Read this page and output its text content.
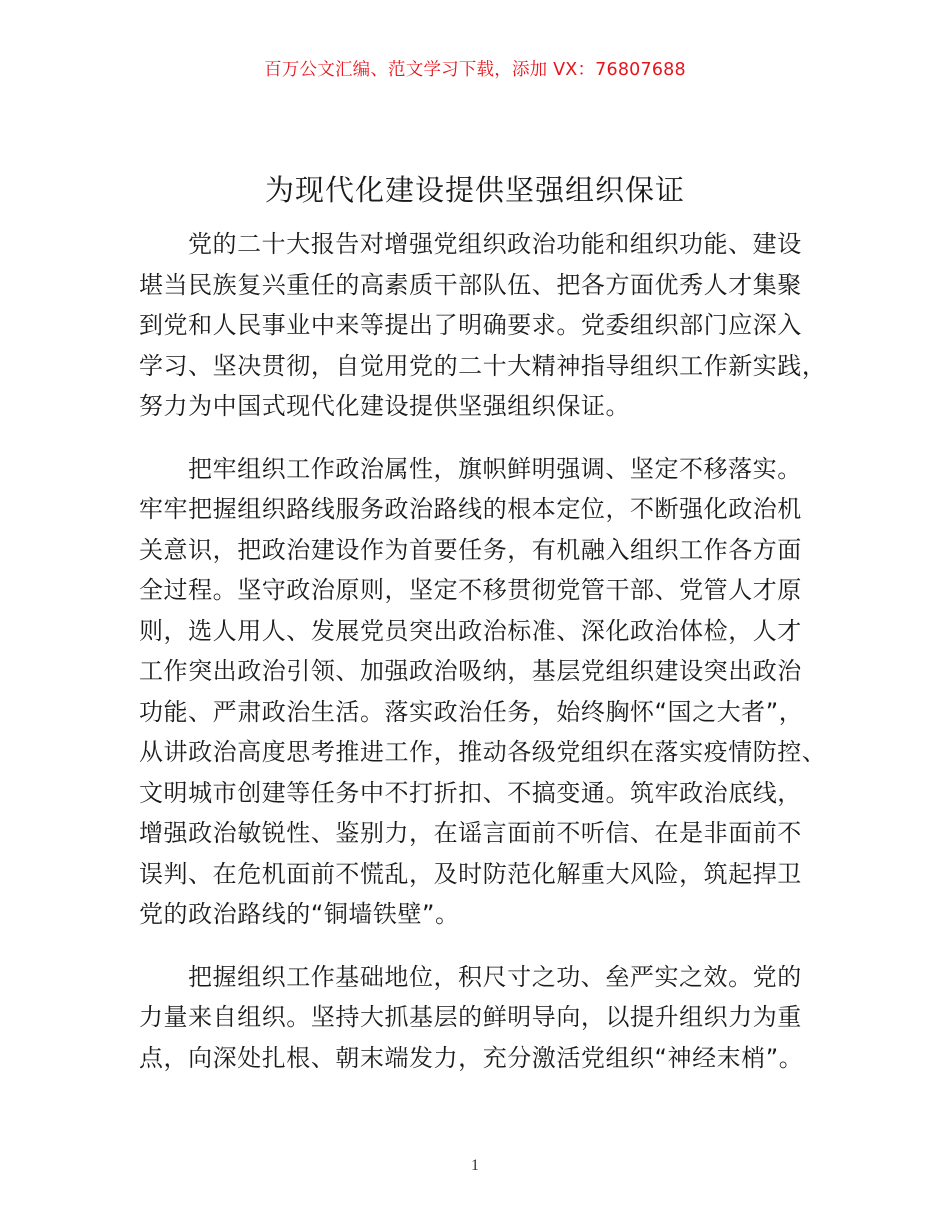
百万公文汇编、范文学习下载，添加 VX：76807688
为现代化建设提供坚强组织保证
党的二十大报告对增强党组织政治功能和组织功能、建设
堪当民族复兴重任的高素质干部队伍、把各方面优秀人才集聚
到党和人民事业中来等提出了明确要求。党委组织部门应深入
学习、坚决贯彻，自觉用党的二十大精神指导组织工作新实践，
努力为中国式现代化建设提供坚强组织保证。
把牢组织工作政治属性，旗帜鲜明强调、坚定不移落实。
牢牢把握组织路线服务政治路线的根本定位，不断强化政治机
关意识，把政治建设作为首要任务，有机融入组织工作各方面
全过程。坚守政治原则，坚定不移贯彻党管干部、党管人才原
则，选人用人、发展党员突出政治标准、深化政治体检，人才
工作突出政治引领、加强政治吸纳，基层党组织建设突出政治
功能、严肃政治生活。落实政治任务，始终胸怀“国之大者”，
从讲政治高度思考推进工作，推动各级党组织在落实疫情防控、
文明城市创建等任务中不打折扣、不搞变通。筑牢政治底线，
增强政治敏锐性、鉴别力，在谣言面前不听信、在是非面前不
误判、在危机面前不慌乱，及时防范化解重大风险，筑起捍卫
党的政治路线的“铜墙铁壁”。
把握组织工作基础地位，积尺寸之功、垒严实之效。党的
力量来自组织。坚持大抓基层的鲜明导向，以提升组织力为重
点，向深处扎根、朝末端发力，充分激活党组织“神经末梢”。
1
